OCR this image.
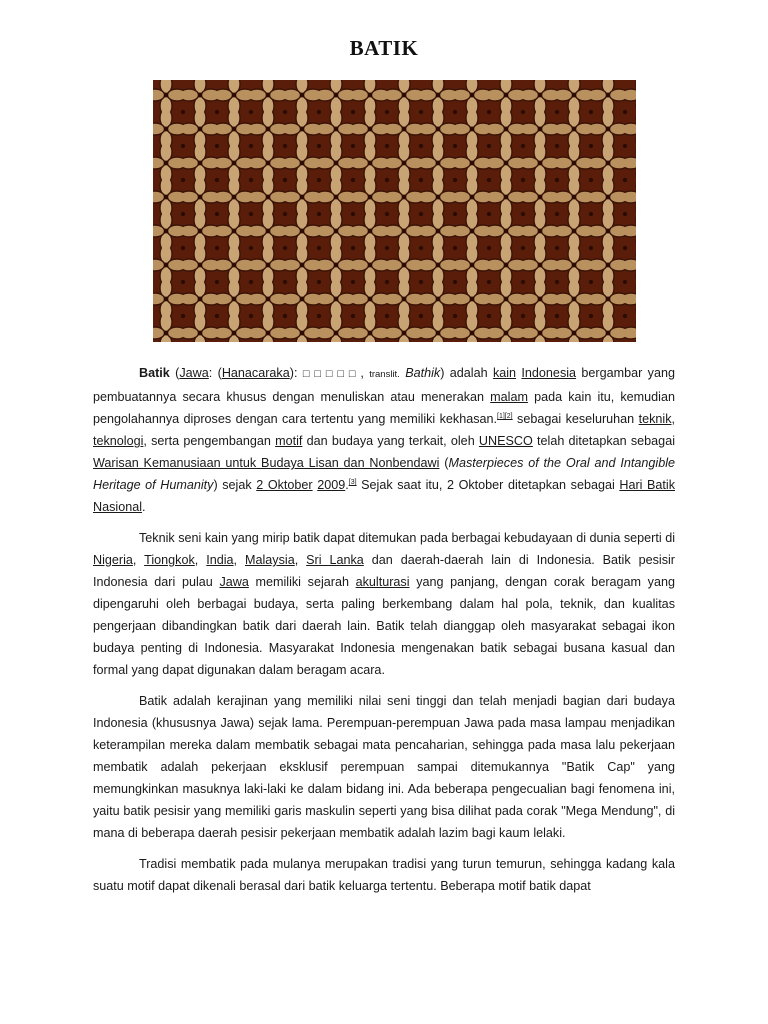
BATIK

Batik (Jawa: (Hanacaraka): □□□□□, translit. Bathik) adalah kain Indonesia bergambar yang pembuatannya secara khusus dengan menuliskan atau menerakan malam pada kain itu, kemudian pengolahannya diproses dengan cara tertentu yang memiliki kekhasan.[1][2] sebagai keseluruhan teknik, teknologi, serta pengembangan motif dan budaya yang terkait, oleh UNESCO telah ditetapkan sebagai Warisan Kemanusiaan untuk Budaya Lisan dan Nonbendawi (Masterpieces of the Oral and Intangible Heritage of Humanity) sejak 2 Oktober 2009.[3] Sejak saat itu, 2 Oktober ditetapkan sebagai Hari Batik Nasional.

Teknik seni kain yang mirip batik dapat ditemukan pada berbagai kebudayaan di dunia seperti di Nigeria, Tiongkok, India, Malaysia, Sri Lanka dan daerah-daerah lain di Indonesia. Batik pesisir Indonesia dari pulau Jawa memiliki sejarah akulturasi yang panjang, dengan corak beragam yang dipengaruhi oleh berbagai budaya, serta paling berkembang dalam hal pola, teknik, dan kualitas pengerjaan dibandingkan batik dari daerah lain. Batik telah dianggap oleh masyarakat sebagai ikon budaya penting di Indonesia. Masyarakat Indonesia mengenakan batik sebagai busana kasual dan formal yang dapat digunakan dalam beragam acara.

Batik adalah kerajinan yang memiliki nilai seni tinggi dan telah menjadi bagian dari budaya Indonesia (khususnya Jawa) sejak lama. Perempuan-perempuan Jawa pada masa lampau menjadikan keterampilan mereka dalam membatik sebagai mata pencaharian, sehingga pada masa lalu pekerjaan membatik adalah pekerjaan eksklusif perempuan sampai ditemukannya "Batik Cap" yang memungkinkan masuknya laki-laki ke dalam bidang ini. Ada beberapa pengecualian bagi fenomena ini, yaitu batik pesisir yang memiliki garis maskulin seperti yang bisa dilihat pada corak "Mega Mendung", di mana di beberapa daerah pesisir pekerjaan membatik adalah lazim bagi kaum lelaki.

Tradisi membatik pada mulanya merupakan tradisi yang turun temurun, sehingga kadang kala suatu motif dapat dikenali berasal dari batik keluarga tertentu. Beberapa motif batik dapat
